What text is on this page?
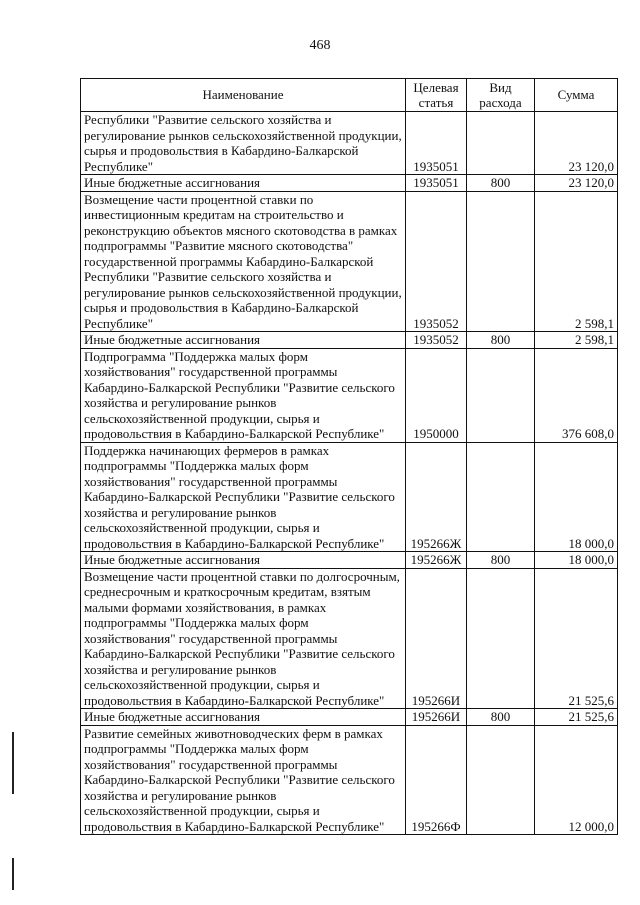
468
Наименование	Целевая статья	Вид расхода	Сумма
Республики "Развитие сельского хозяйства и регулирование рынков сельскохозяйственной продукции, сырья и продовольствия в Кабардино-Балкарской Республике"	1935051		23 120,0
Иные бюджетные ассигнования	1935051	800	23 120,0
Возмещение части процентной ставки по инвестиционным кредитам на строительство и реконструкцию объектов мясного скотоводства в рамках подпрограммы "Развитие мясного скотоводства" государственной программы Кабардино-Балкарской Республики "Развитие сельского хозяйства и регулирование рынков сельскохозяйственной продукции, сырья и продовольствия в Кабардино-Балкарской Республике"	1935052		2 598,1
Иные бюджетные ассигнования	1935052	800	2 598,1
Подпрограмма "Поддержка малых форм хозяйствования" государственной программы Кабардино-Балкарской Республики "Развитие сельского хозяйства и регулирование рынков сельскохозяйственной продукции, сырья и продовольствия в Кабардино-Балкарской Республике"	1950000		376 608,0
Поддержка начинающих фермеров в рамках подпрограммы "Поддержка малых форм хозяйствования" государственной программы Кабардино-Балкарской Республики "Развитие сельского хозяйства и регулирование рынков сельскохозяйственной продукции, сырья и продовольствия в Кабардино-Балкарской Республике"	195266Ж		18 000,0
Иные бюджетные ассигнования	195266Ж	800	18 000,0
Возмещение части процентной ставки по долгосрочным, среднесрочным и краткосрочным кредитам, взятым малыми формами хозяйствования, в рамках подпрограммы "Поддержка малых форм хозяйствования" государственной программы Кабардино-Балкарской Республики "Развитие сельского хозяйства и регулирование рынков сельскохозяйственной продукции, сырья и продовольствия в Кабардино-Балкарской Республике"	195266И		21 525,6
Иные бюджетные ассигнования	195266И	800	21 525,6
Развитие семейных животноводческих ферм в рамках подпрограммы "Поддержка малых форм хозяйствования" государственной программы Кабардино-Балкарской Республики "Развитие сельского хозяйства и регулирование рынков сельскохозяйственной продукции, сырья и продовольствия в Кабардино-Балкарской Республике"	195266Ф		12 000,0
